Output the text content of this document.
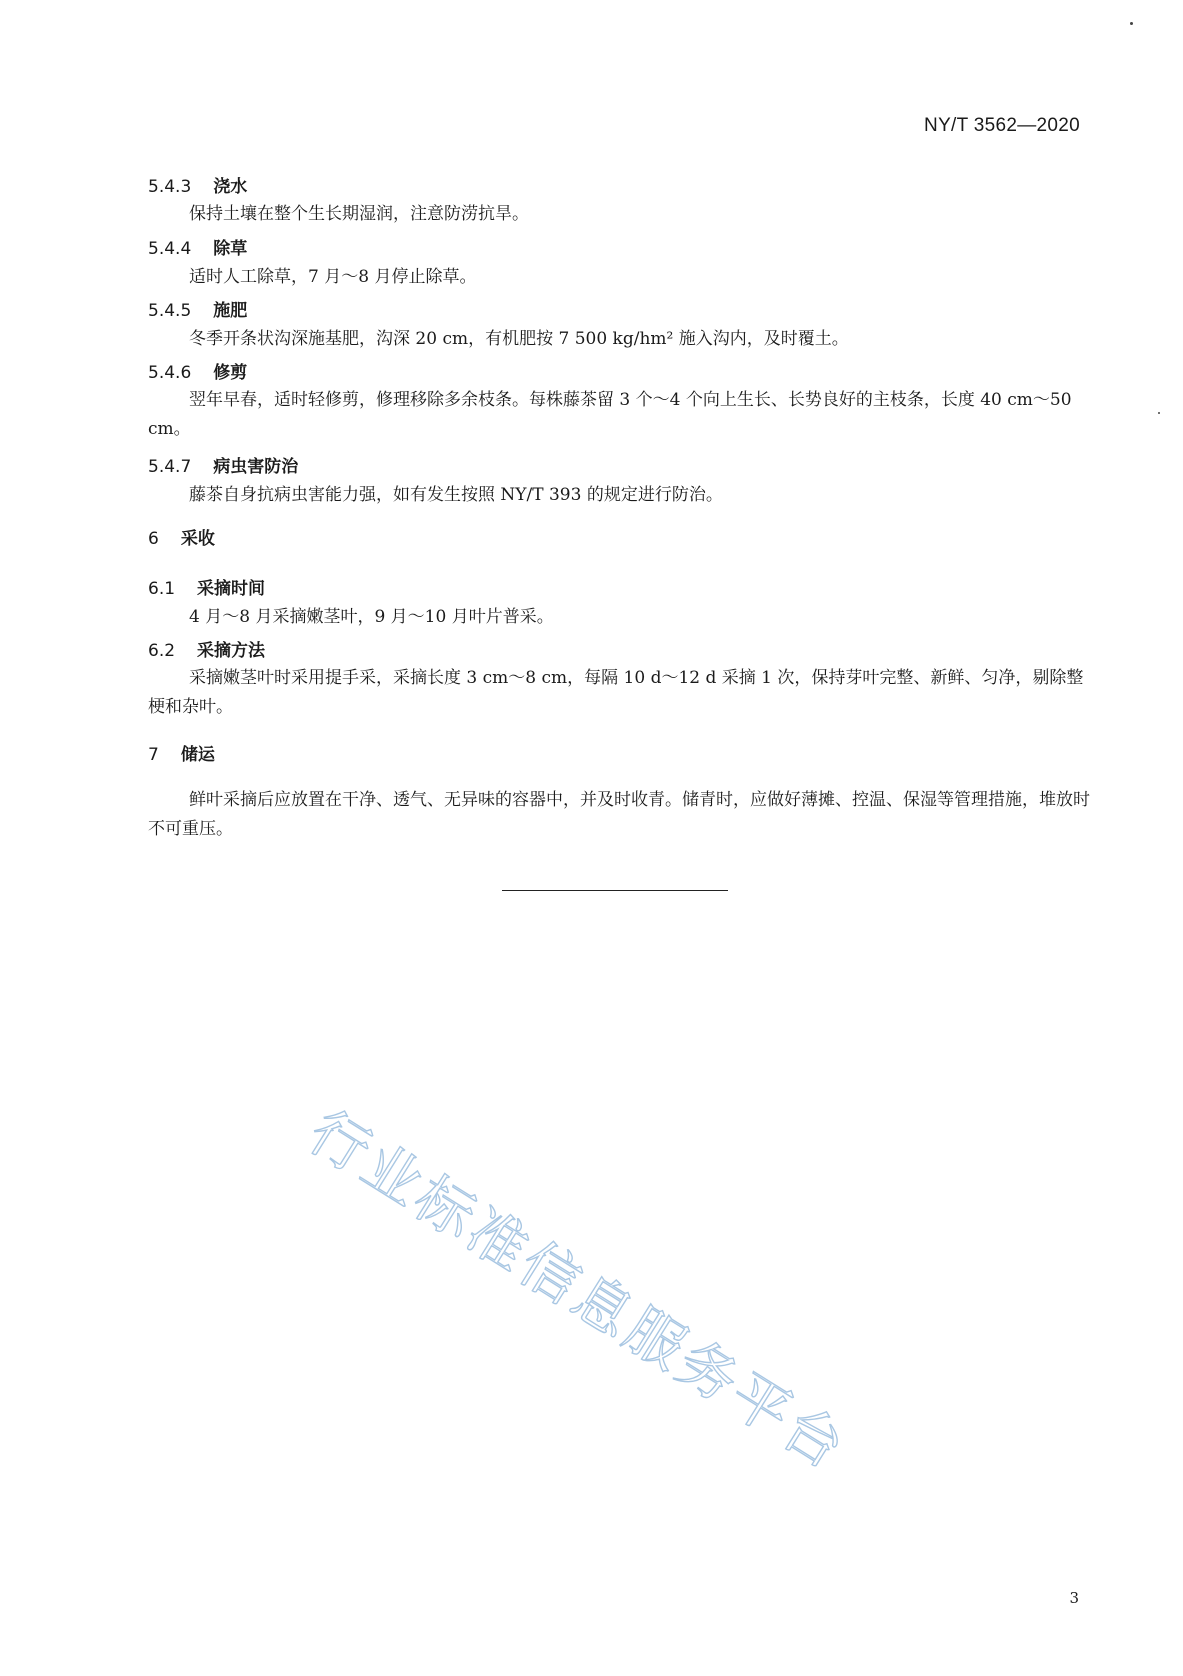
NY/T 3562—2020
5.4.3 浇水
保持土壤在整个生长期湿润，注意防涝抗旱。
5.4.4 除草
适时人工除草，7 月～8 月停止除草。
5.4.5 施肥
冬季开条状沟深施基肥，沟深 20 cm，有机肥按 7 500 kg/hm² 施入沟内，及时覆土。
5.4.6 修剪
翌年早春，适时轻修剪，修理移除多余枝条。每株藤茶留 3 个～4 个向上生长、长势良好的主枝条，长度 40 cm～50 cm。
5.4.7 病虫害防治
藤茶自身抗病虫害能力强，如有发生按照 NY/T 393 的规定进行防治。
6 采收
6.1 采摘时间
4 月～8 月采摘嫩茎叶，9 月～10 月叶片普采。
6.2 采摘方法
采摘嫩茎叶时采用提手采，采摘长度 3 cm～8 cm，每隔 10 d～12 d 采摘 1 次，保持芽叶完整、新鲜、匀净，剔除整梗和杂叶。
7 储运
鲜叶采摘后应放置在干净、透气、无异味的容器中，并及时收青。储青时，应做好薄摊、控温、保湿等管理措施，堆放时不可重压。
行业标准信息服务平台
3
